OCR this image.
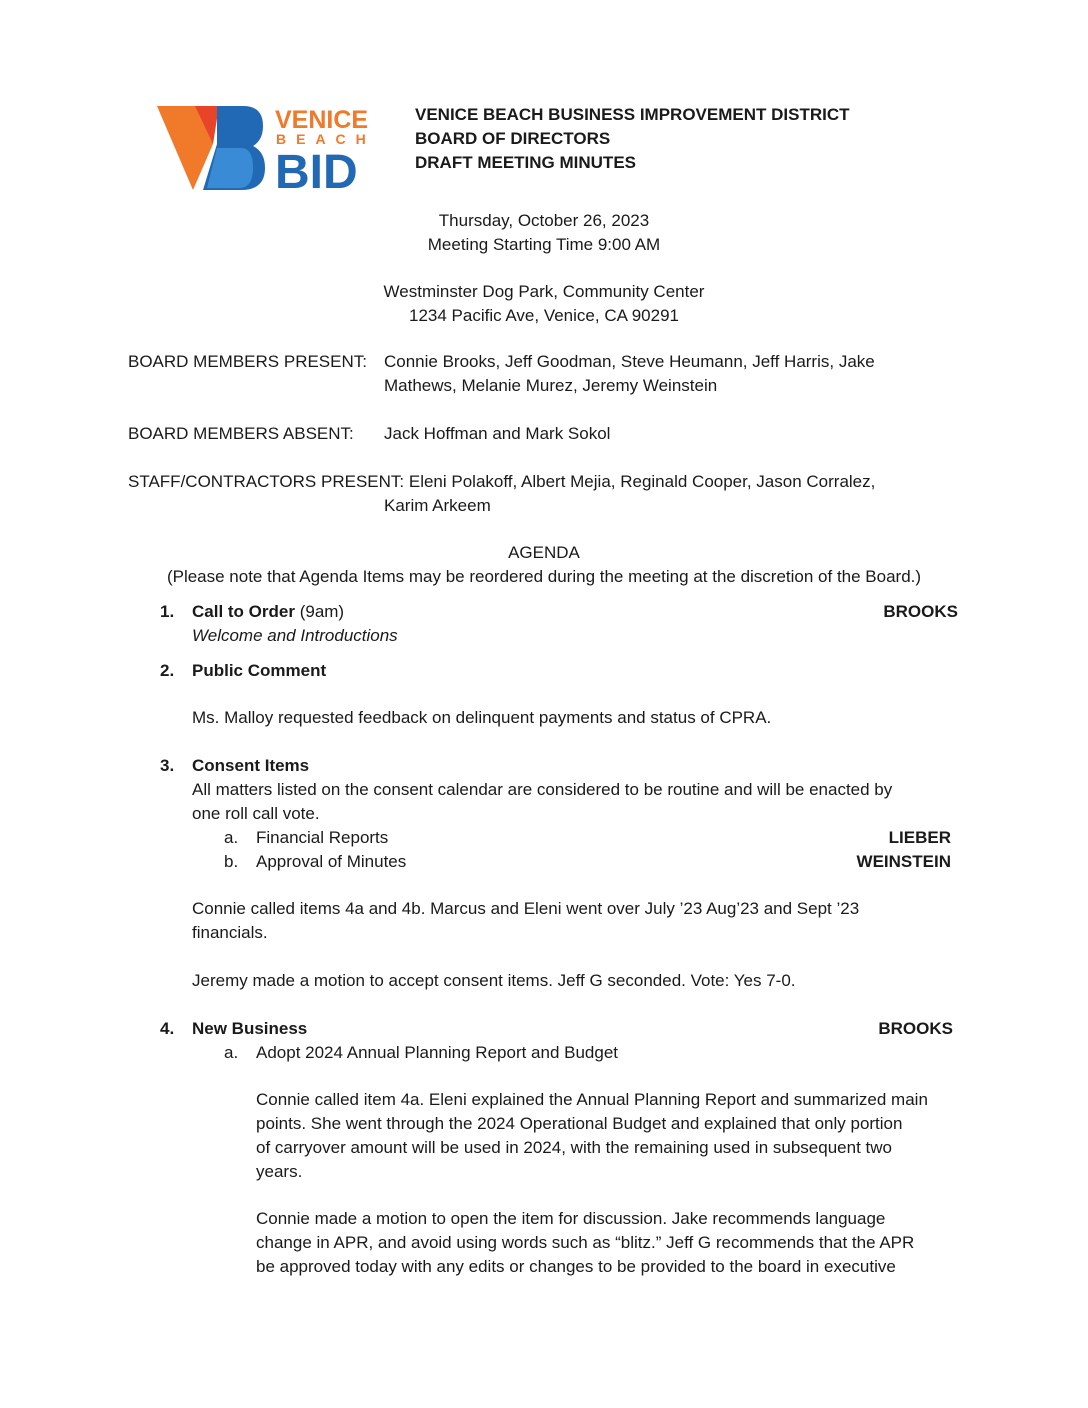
VENICE
BEACH
BID
VENICE BEACH BUSINESS IMPROVEMENT DISTRICT
BOARD OF DIRECTORS
DRAFT MEETING MINUTES
Thursday, October 26, 2023
Meeting Starting Time 9:00 AM
Westminster Dog Park, Community Center
1234 Pacific Ave, Venice, CA 90291
BOARD MEMBERS PRESENT: Connie Brooks, Jeff Goodman, Steve Heumann, Jeff Harris, Jake
Mathews, Melanie Murez, Jeremy Weinstein
BOARD MEMBERS ABSENT: Jack Hoffman and Mark Sokol
STAFF/CONTRACTORS PRESENT: Eleni Polakoff, Albert Mejia, Reginald Cooper, Jason Corralez,
Karim Arkeem
AGENDA
(Please note that Agenda Items may be reordered during the meeting at the discretion of the Board.)
1. Call to Order (9am)	BROOKS
Welcome and Introductions
2. Public Comment
Ms. Malloy requested feedback on delinquent payments and status of CPRA.
3. Consent Items
All matters listed on the consent calendar are considered to be routine and will be enacted by
one roll call vote.
a. Financial Reports	LIEBER
b. Approval of Minutes	WEINSTEIN
Connie called items 4a and 4b. Marcus and Eleni went over July ’23 Aug’23 and Sept ’23
financials.
Jeremy made a motion to accept consent items. Jeff G seconded. Vote: Yes 7-0.
4. New Business	BROOKS
a. Adopt 2024 Annual Planning Report and Budget
Connie called item 4a. Eleni explained the Annual Planning Report and summarized main
points. She went through the 2024 Operational Budget and explained that only portion
of carryover amount will be used in 2024, with the remaining used in subsequent two
years.
Connie made a motion to open the item for discussion. Jake recommends language
change in APR, and avoid using words such as “blitz.” Jeff G recommends that the APR
be approved today with any edits or changes to be provided to the board in executive
